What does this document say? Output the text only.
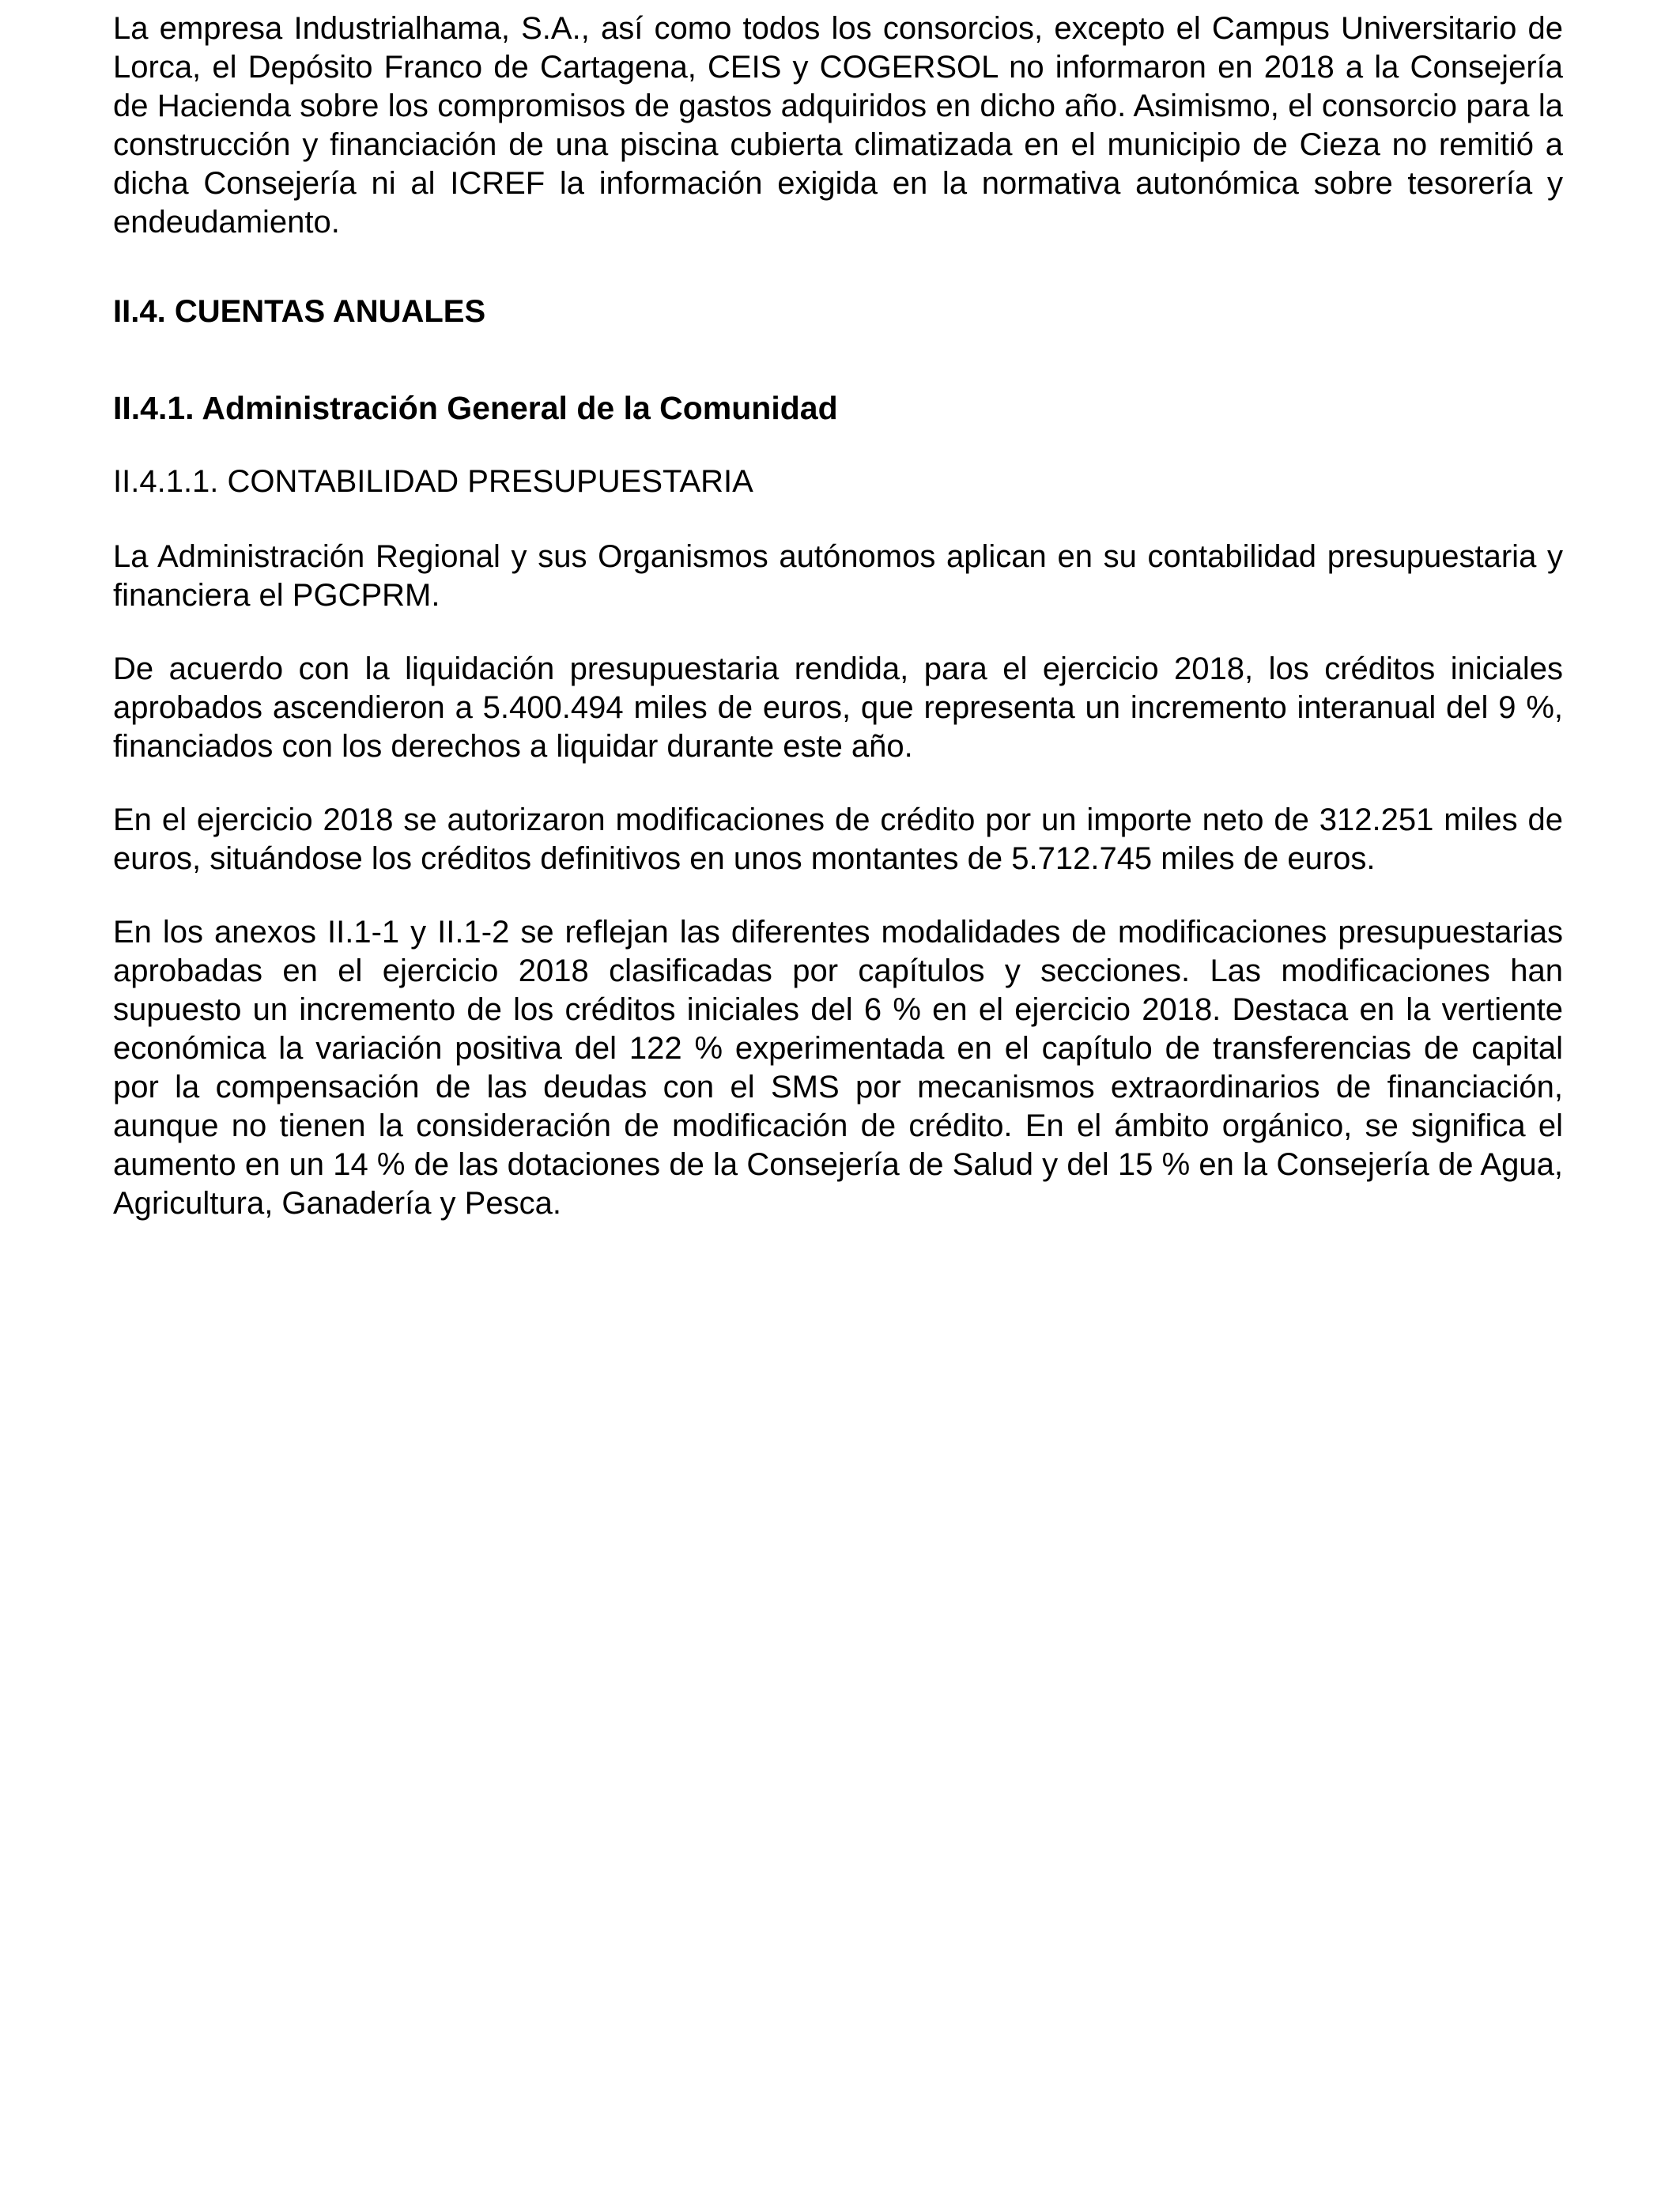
La empresa Industrialhama, S.A., así como todos los consorcios, excepto el Campus Universitario de Lorca, el Depósito Franco de Cartagena, CEIS y COGERSOL no informaron en 2018 a la Consejería de Hacienda sobre los compromisos de gastos adquiridos en dicho año. Asimismo, el consorcio para la construcción y financiación de una piscina cubierta climatizada en el municipio de Cieza no remitió a dicha Consejería ni al ICREF la información exigida en la normativa autonómica sobre tesorería y endeudamiento.

II.4. CUENTAS ANUALES

II.4.1. Administración General de la Comunidad

II.4.1.1. CONTABILIDAD PRESUPUESTARIA

La Administración Regional y sus Organismos autónomos aplican en su contabilidad presupuestaria y financiera el PGCPRM.

De acuerdo con la liquidación presupuestaria rendida, para el ejercicio 2018, los créditos iniciales aprobados ascendieron a 5.400.494 miles de euros, que representa un incremento interanual del 9 %, financiados con los derechos a liquidar durante este año.

En el ejercicio 2018 se autorizaron modificaciones de crédito por un importe neto de 312.251 miles de euros, situándose los créditos definitivos en unos montantes de 5.712.745 miles de euros.

En los anexos II.1-1 y II.1-2 se reflejan las diferentes modalidades de modificaciones presupuestarias aprobadas en el ejercicio 2018 clasificadas por capítulos y secciones. Las modificaciones han supuesto un incremento de los créditos iniciales del 6 % en el ejercicio 2018. Destaca en la vertiente económica la variación positiva del 122 % experimentada en el capítulo de transferencias de capital por la compensación de las deudas con el SMS por mecanismos extraordinarios de financiación, aunque no tienen la consideración de modificación de crédito. En el ámbito orgánico, se significa el aumento en un 14 % de las dotaciones de la Consejería de Salud y del 15 % en la Consejería de Agua, Agricultura, Ganadería y Pesca.
